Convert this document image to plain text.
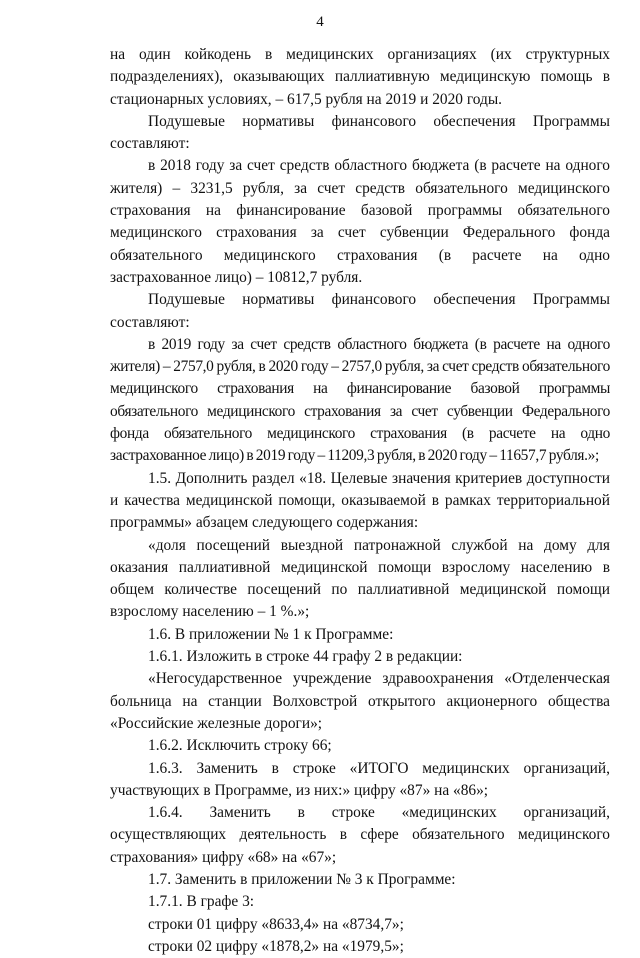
4

на один койкодень в медицинских организациях (их структурных подразделениях), оказывающих паллиативную медицинскую помощь в стационарных условиях, – 617,5 рубля на 2019 и 2020 годы.

Подушевые нормативы финансового обеспечения Программы составляют:

в 2018 году за счет средств областного бюджета (в расчете на одного жителя) – 3231,5 рубля, за счет средств обязательного медицинского страхования на финансирование базовой программы обязательного медицинского страхования за счет субвенции Федерального фонда обязательного медицинского страхования (в расчете на одно застрахованное лицо) – 10812,7 рубля.

Подушевые нормативы финансового обеспечения Программы составляют:

в 2019 году за счет средств областного бюджета (в расчете на одного жителя) – 2757,0 рубля, в 2020 году – 2757,0 рубля, за счет средств обязательного медицинского страхования на финансирование базовой программы обязательного медицинского страхования за счет субвенции Федерального фонда обязательного медицинского страхования (в расчете на одно застрахованное лицо) в 2019 году – 11209,3 рубля, в 2020 году – 11657,7 рубля.»;

1.5. Дополнить раздел «18. Целевые значения критериев доступности и качества медицинской помощи, оказываемой в рамках территориальной программы» абзацем следующего содержания:

«доля посещений выездной патронажной службой на дому для оказания паллиативной медицинской помощи взрослому населению в общем количестве посещений по паллиативной медицинской помощи взрослому населению – 1 %.»;

1.6. В приложении № 1 к Программе:

1.6.1. Изложить в строке 44 графу 2 в редакции:

«Негосударственное учреждение здравоохранения «Отделенческая больница на станции Волховстрой открытого акционерного общества «Российские железные дороги»;

1.6.2. Исключить строку 66;

1.6.3. Заменить в строке «ИТОГО медицинских организаций, участвующих в Программе, из них:» цифру «87» на «86»;

1.6.4. Заменить в строке «медицинских организаций, осуществляющих деятельность в сфере обязательного медицинского страхования» цифру «68» на «67»;

1.7. Заменить в приложении № 3 к Программе:

1.7.1. В графе 3:

строки 01 цифру «8633,4» на «8734,7»;

строки 02 цифру «1878,2» на «1979,5»;
